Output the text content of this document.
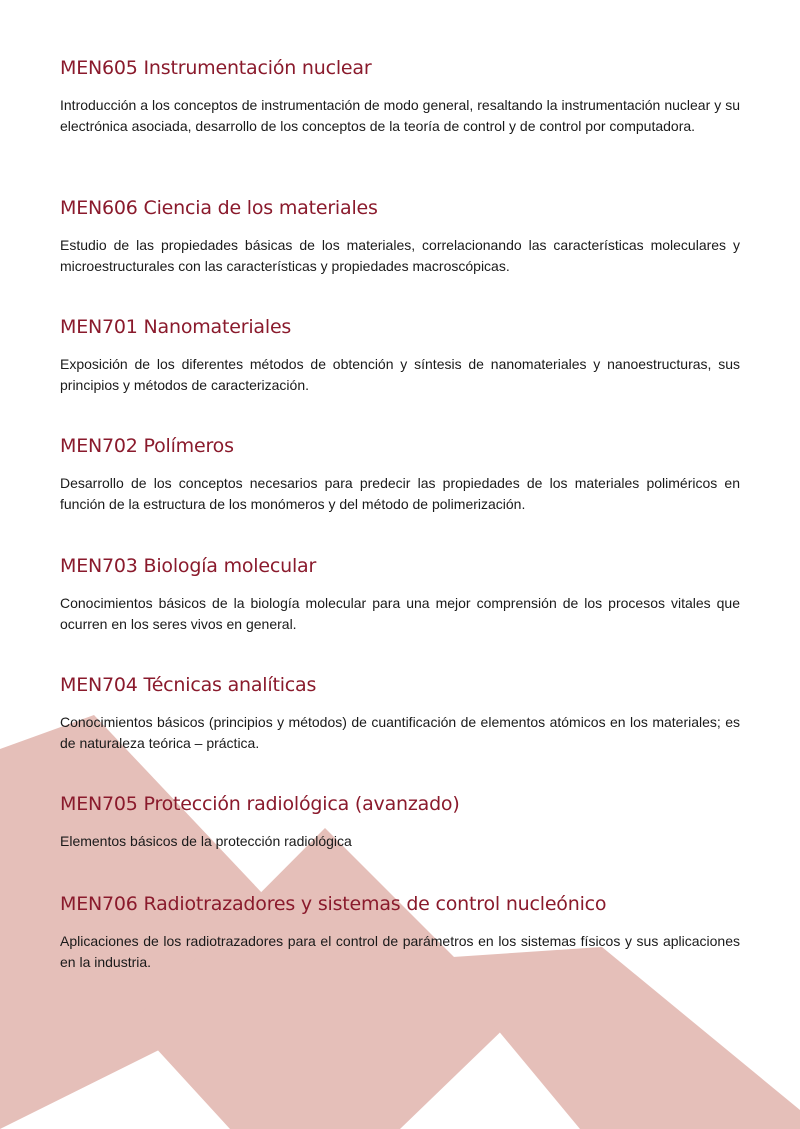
MEN605 Instrumentación nuclear

Introducción a los conceptos de instrumentación de modo general, resaltando la instrumentación nuclear y su electrónica asociada, desarrollo de los conceptos de la teoría de control y de control por computadora.

MEN606 Ciencia de los materiales

Estudio de las propiedades básicas de los materiales, correlacionando las características moleculares y microestructurales con las características y propiedades macroscópicas.

MEN701 Nanomateriales

Exposición de los diferentes métodos de obtención y síntesis de nanomateriales y nanoestructuras, sus principios y métodos de caracterización.

MEN702 Polímeros

Desarrollo de los conceptos necesarios para predecir las propiedades de los materiales poliméricos en función de la estructura de los monómeros y del método de polimerización.

MEN703 Biología molecular

Conocimientos básicos de la biología molecular para una mejor comprensión de los procesos vitales que ocurren en los seres vivos en general.

MEN704 Técnicas analíticas

Conocimientos básicos (principios y métodos) de cuantificación de elementos atómicos en los materiales; es de naturaleza teórica – práctica.

MEN705 Protección radiológica (avanzado)

Elementos básicos de la protección radiológica

MEN706 Radiotrazadores y sistemas de control nucleónico

Aplicaciones de los radiotrazadores para el control de parámetros en los sistemas físicos y sus aplicaciones en la industria.
